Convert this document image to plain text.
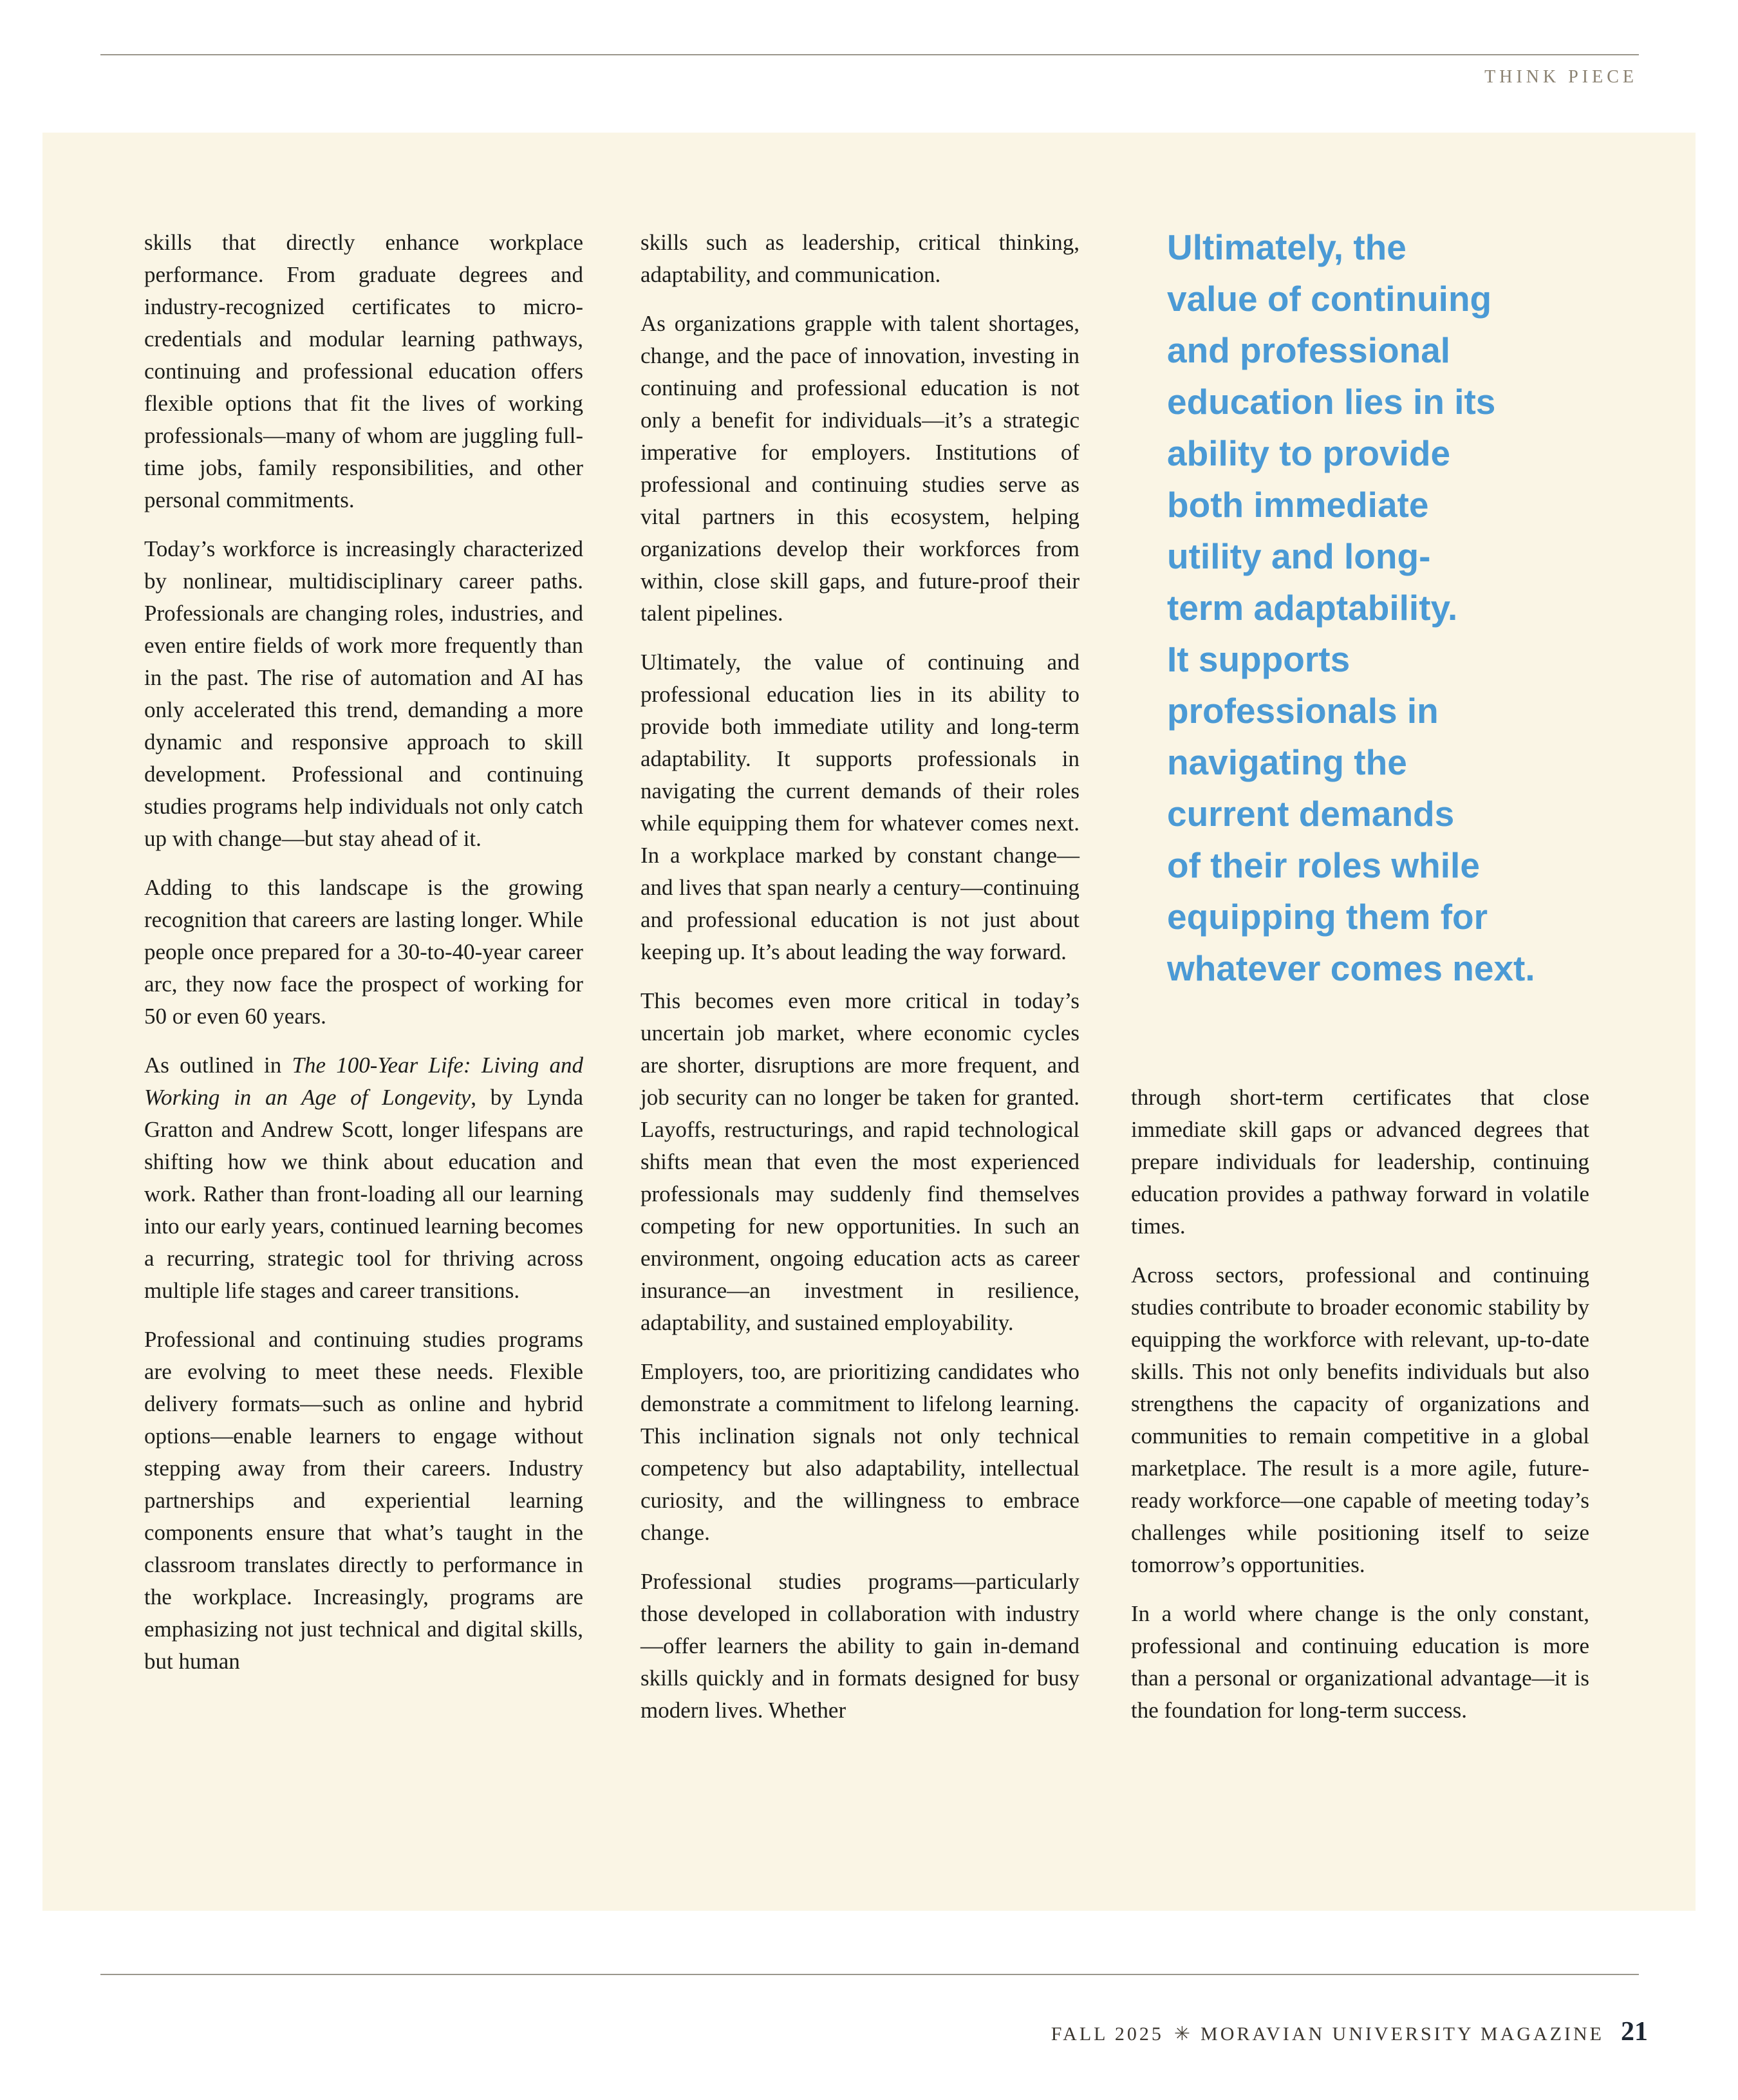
THINK PIECE

skills that directly enhance workplace performance. From graduate degrees and industry-recognized certificates to micro-credentials and modular learning pathways, continuing and professional education offers flexible options that fit the lives of working professionals—many of whom are juggling full-time jobs, family responsibilities, and other personal commitments.

Today’s workforce is increasingly characterized by nonlinear, multidisciplinary career paths. Professionals are changing roles, industries, and even entire fields of work more frequently than in the past. The rise of automation and AI has only accelerated this trend, demanding a more dynamic and responsive approach to skill development. Professional and continuing studies programs help individuals not only catch up with change—but stay ahead of it.

Adding to this landscape is the growing recognition that careers are lasting longer. While people once prepared for a 30-to-40-year career arc, they now face the prospect of working for 50 or even 60 years.

As outlined in The 100-Year Life: Living and Working in an Age of Longevity, by Lynda Gratton and Andrew Scott, longer lifespans are shifting how we think about education and work. Rather than front-loading all our learning into our early years, continued learning becomes a recurring, strategic tool for thriving across multiple life stages and career transitions.

Professional and continuing studies programs are evolving to meet these needs. Flexible delivery formats—such as online and hybrid options—enable learners to engage without stepping away from their careers. Industry partnerships and experiential learning components ensure that what’s taught in the classroom translates directly to performance in the workplace. Increasingly, programs are emphasizing not just technical and digital skills, but human

skills such as leadership, critical thinking, adaptability, and communication.

As organizations grapple with talent shortages, change, and the pace of innovation, investing in continuing and professional education is not only a benefit for individuals—it’s a strategic imperative for employers. Institutions of professional and continuing studies serve as vital partners in this ecosystem, helping organizations develop their workforces from within, close skill gaps, and future-proof their talent pipelines.

Ultimately, the value of continuing and professional education lies in its ability to provide both immediate utility and long-term adaptability. It supports professionals in navigating the current demands of their roles while equipping them for whatever comes next. In a workplace marked by constant change—and lives that span nearly a century—continuing and professional education is not just about keeping up. It’s about leading the way forward.

This becomes even more critical in today’s uncertain job market, where economic cycles are shorter, disruptions are more frequent, and job security can no longer be taken for granted. Layoffs, restructurings, and rapid technological shifts mean that even the most experienced professionals may suddenly find themselves competing for new opportunities. In such an environment, ongoing education acts as career insurance—an investment in resilience, adaptability, and sustained employability.

Employers, too, are prioritizing candidates who demonstrate a commitment to lifelong learning. This inclination signals not only technical competency but also adaptability, intellectual curiosity, and the willingness to embrace change.

Professional studies programs—particularly those developed in collaboration with industry—offer learners the ability to gain in-demand skills quickly and in formats designed for busy modern lives. Whether

Ultimately, the
value of continuing
and professional
education lies in its
ability to provide
both immediate
utility and long-
term adaptability.
It supports
professionals in
navigating the
current demands
of their roles while
equipping them for
whatever comes next.

through short-term certificates that close immediate skill gaps or advanced degrees that prepare individuals for leadership, continuing education provides a pathway forward in volatile times.

Across sectors, professional and continuing studies contribute to broader economic stability by equipping the workforce with relevant, up-to-date skills. This not only benefits individuals but also strengthens the capacity of organizations and communities to remain competitive in a global marketplace. The result is a more agile, future-ready workforce—one capable of meeting today’s challenges while positioning itself to seize tomorrow’s opportunities.

In a world where change is the only constant, professional and continuing education is more than a personal or organizational advantage—it is the foundation for long-term success.

FALL 2025 ✳ MORAVIAN UNIVERSITY MAGAZINE 21
